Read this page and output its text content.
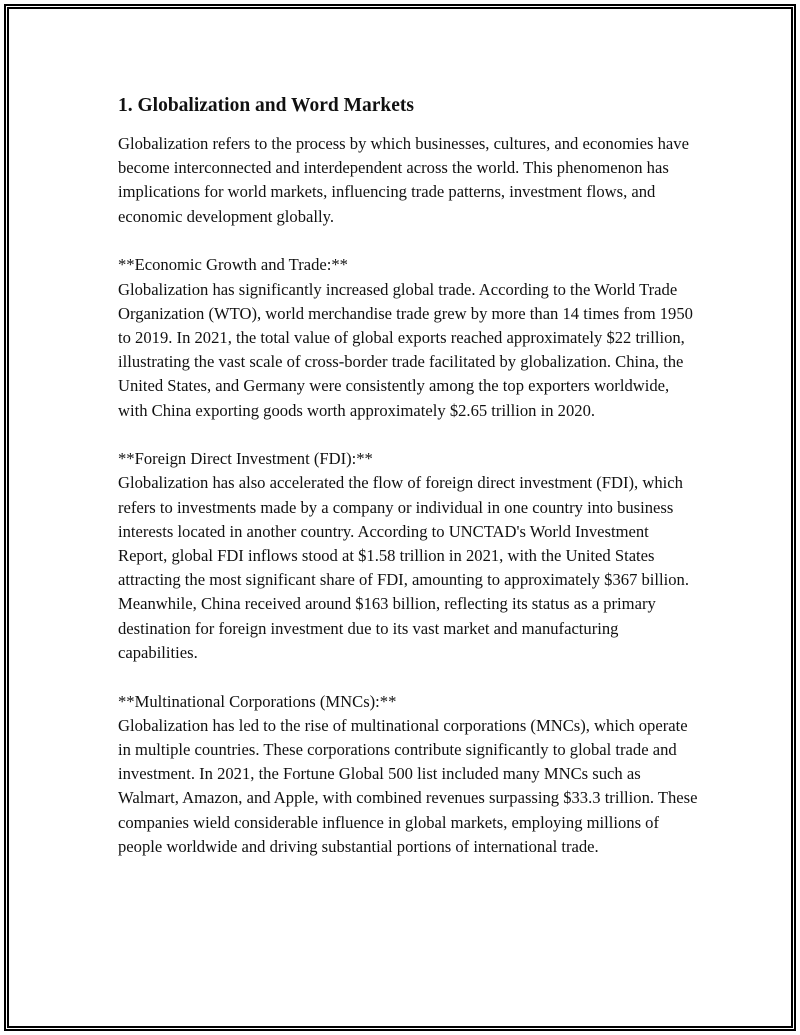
1. Globalization and Word Markets

Globalization refers to the process by which businesses, cultures, and economies have become interconnected and interdependent across the world. This phenomenon has implications for world markets, influencing trade patterns, investment flows, and economic development globally.

**Economic Growth and Trade:**
Globalization has significantly increased global trade. According to the World Trade Organization (WTO), world merchandise trade grew by more than 14 times from 1950 to 2019. In 2021, the total value of global exports reached approximately $22 trillion, illustrating the vast scale of cross-border trade facilitated by globalization. China, the United States, and Germany were consistently among the top exporters worldwide, with China exporting goods worth approximately $2.65 trillion in 2020.

**Foreign Direct Investment (FDI):**
Globalization has also accelerated the flow of foreign direct investment (FDI), which refers to investments made by a company or individual in one country into business interests located in another country. According to UNCTAD's World Investment Report, global FDI inflows stood at $1.58 trillion in 2021, with the United States attracting the most significant share of FDI, amounting to approximately $367 billion. Meanwhile, China received around $163 billion, reflecting its status as a primary destination for foreign investment due to its vast market and manufacturing capabilities.

**Multinational Corporations (MNCs):**
Globalization has led to the rise of multinational corporations (MNCs), which operate in multiple countries. These corporations contribute significantly to global trade and investment. In 2021, the Fortune Global 500 list included many MNCs such as Walmart, Amazon, and Apple, with combined revenues surpassing $33.3 trillion. These companies wield considerable influence in global markets, employing millions of people worldwide and driving substantial portions of international trade.
